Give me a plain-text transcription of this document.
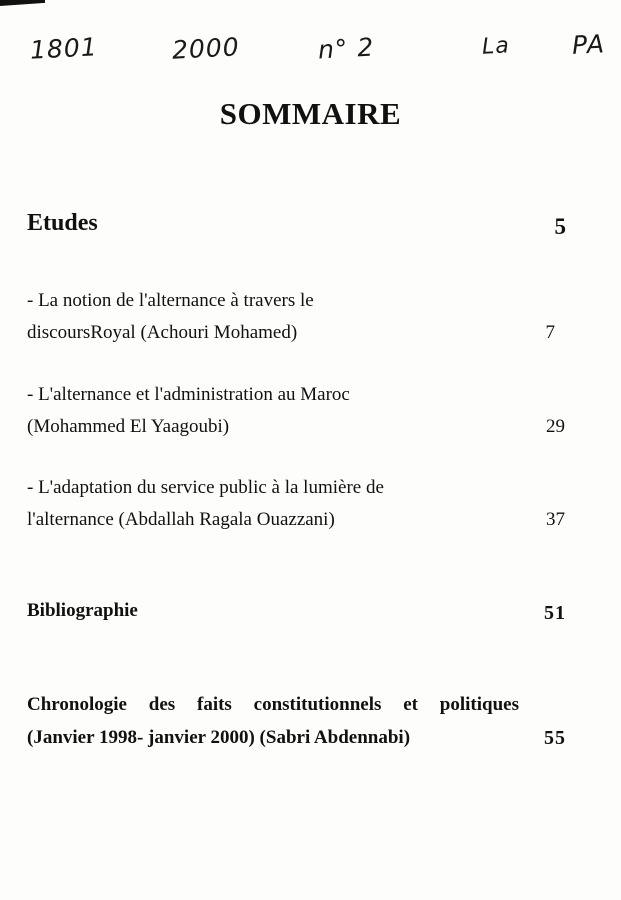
1801	2000	n° 2	La PA
SOMMAIRE
Etudes	5
- La notion de l'alternance à travers le
discoursRoyal (Achouri Mohamed)	7
- L'alternance et l'administration au Maroc
(Mohammed El Yaagoubi)	29
- L'adaptation du service public à la lumière de
l'alternance (Abdallah Ragala Ouazzani)	37
Bibliographie	51
Chronologie des faits constitutionnels et politiques
(Janvier 1998- janvier 2000) (Sabri Abdennabi)	55
